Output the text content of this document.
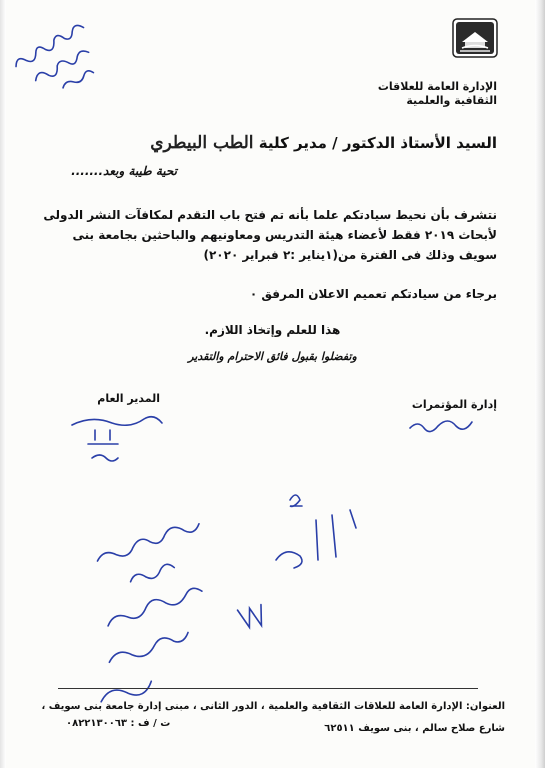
الإدارة العامة للعلاقات
الثقافية والعلمية
السيد الأستاذ الدكتور / مدير كلية الطب البيطري
تحية طيبة وبعد.......
نتشرف بأن نحيط سيادتكم علما بأنه تم فتح باب التقدم لمكافآت النشر الدولى
لأبحاث ٢٠١٩ فقط لأعضاء هيئة التدريس ومعاونيهم والباحثين بجامعة بنى
سويف وذلك فى الفترة من(١يناير :٢ فبراير ٢٠٢٠)
برجاء من سيادتكم تعميم الاعلان المرفق ٠
هذا للعلم وإتخاذ اللازم.
وتفضلوا بقبول فائق الاحترام والتقدير
إدارة المؤتمرات
المدير العام
العنوان: الإدارة العامة للعلاقات الثقافية والعلمية ، الدور الثانى ، مبنى إدارة جامعة بنى سويف ،
شارع صلاح سالم ، بنى سويف ٦٢٥١١
ت / ف : ٠٨٢٢١٣٠٠٦٣
